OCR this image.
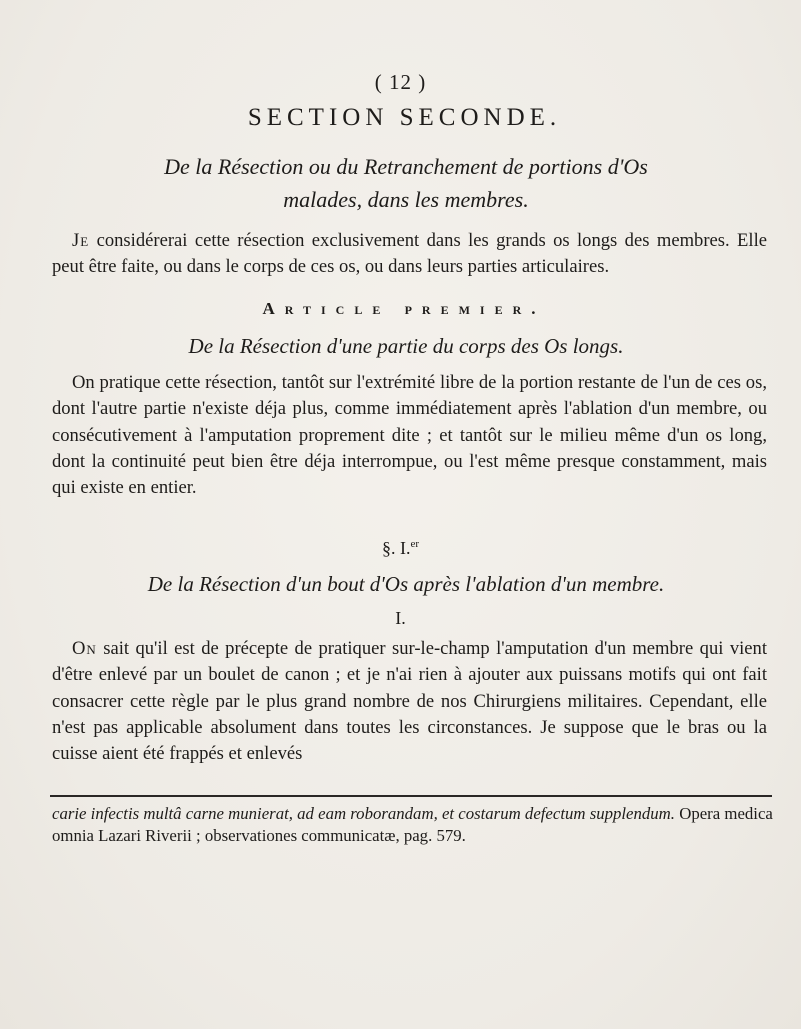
( 12 )
SECTION SECONDE.
De la Résection ou du Retranchement de portions d'Os
malades, dans les membres.

Je considérerai cette résection exclusivement dans les grands os longs des membres. Elle peut être faite, ou dans le corps de ces os, ou dans leurs parties articulaires.

Article premier.
De la Résection d'une partie du corps des Os longs.

On pratique cette résection, tantôt sur l'extrémité libre de la portion restante de l'un de ces os, dont l'autre partie n'existe déja plus, comme immédiatement après l'ablation d'un membre, ou consécutivement à l'amputation proprement dite ; et tantôt sur le milieu même d'un os long, dont la continuité peut bien être déja interrompue, ou l'est même presque constamment, mais qui existe en entier.

§. I.$^{er}$
De la Résection d'un bout d'Os après l'ablation d'un membre.
I.

On sait qu'il est de précepte de pratiquer sur-le-champ l'amputation d'un membre qui vient d'être enlevé par un boulet de canon ; et je n'ai rien à ajouter aux puissans motifs qui ont fait consacrer cette règle par le plus grand nombre de nos Chirurgiens militaires. Cependant, elle n'est pas applicable absolument dans toutes les circonstances. Je suppose que le bras ou la cuisse aient été frappés et enlevés

carie infectis multâ carne munierat, ad eam roborandam, et costarum defectum supplendum. Opera medica omnia Lazari Riverii ; observationes communicatæ, pag. 579.
